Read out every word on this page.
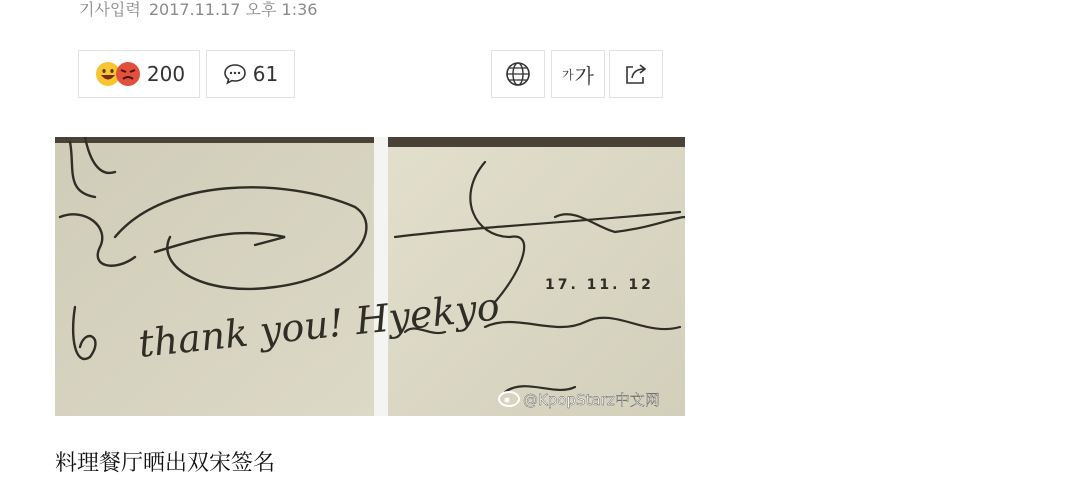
기사입력 2017.11.17 오후 1:36
200	61	가 가
thank you! Hyekyo	17. 11. 12
@KpopStarz中文网
料理餐厅晒出双宋签名
